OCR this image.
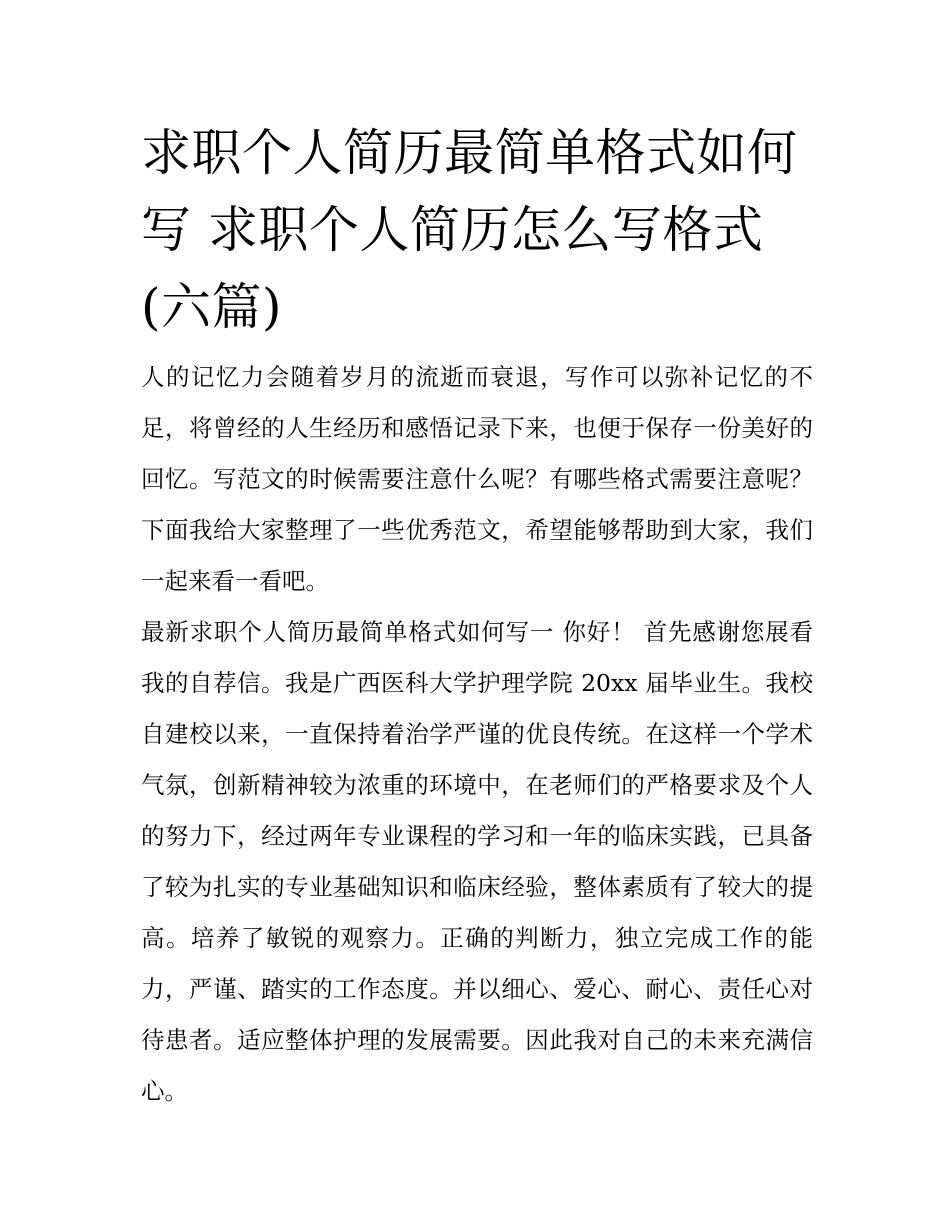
求职个人简历最简单格式如何写 求职个人简历怎么写格式(六篇)

人的记忆力会随着岁月的流逝而衰退，写作可以弥补记忆的不足，将曾经的人生经历和感悟记录下来，也便于保存一份美好的回忆。写范文的时候需要注意什么呢？有哪些格式需要注意呢？下面我给大家整理了一些优秀范文，希望能够帮助到大家，我们一起来看一看吧。

最新求职个人简历最简单格式如何写一 你好！ 首先感谢您展看我的自荐信。我是广西医科大学护理学院 20xx 届毕业生。我校自建校以来，一直保持着治学严谨的优良传统。在这样一个学术气氛，创新精神较为浓重的环境中，在老师们的严格要求及个人的努力下，经过两年专业课程的学习和一年的临床实践，已具备了较为扎实的专业基础知识和临床经验，整体素质有了较大的提高。培养了敏锐的观察力。正确的判断力，独立完成工作的能力，严谨、踏实的工作态度。并以细心、爱心、耐心、责任心对待患者。适应整体护理的发展需要。因此我对自己的未来充满信心。
